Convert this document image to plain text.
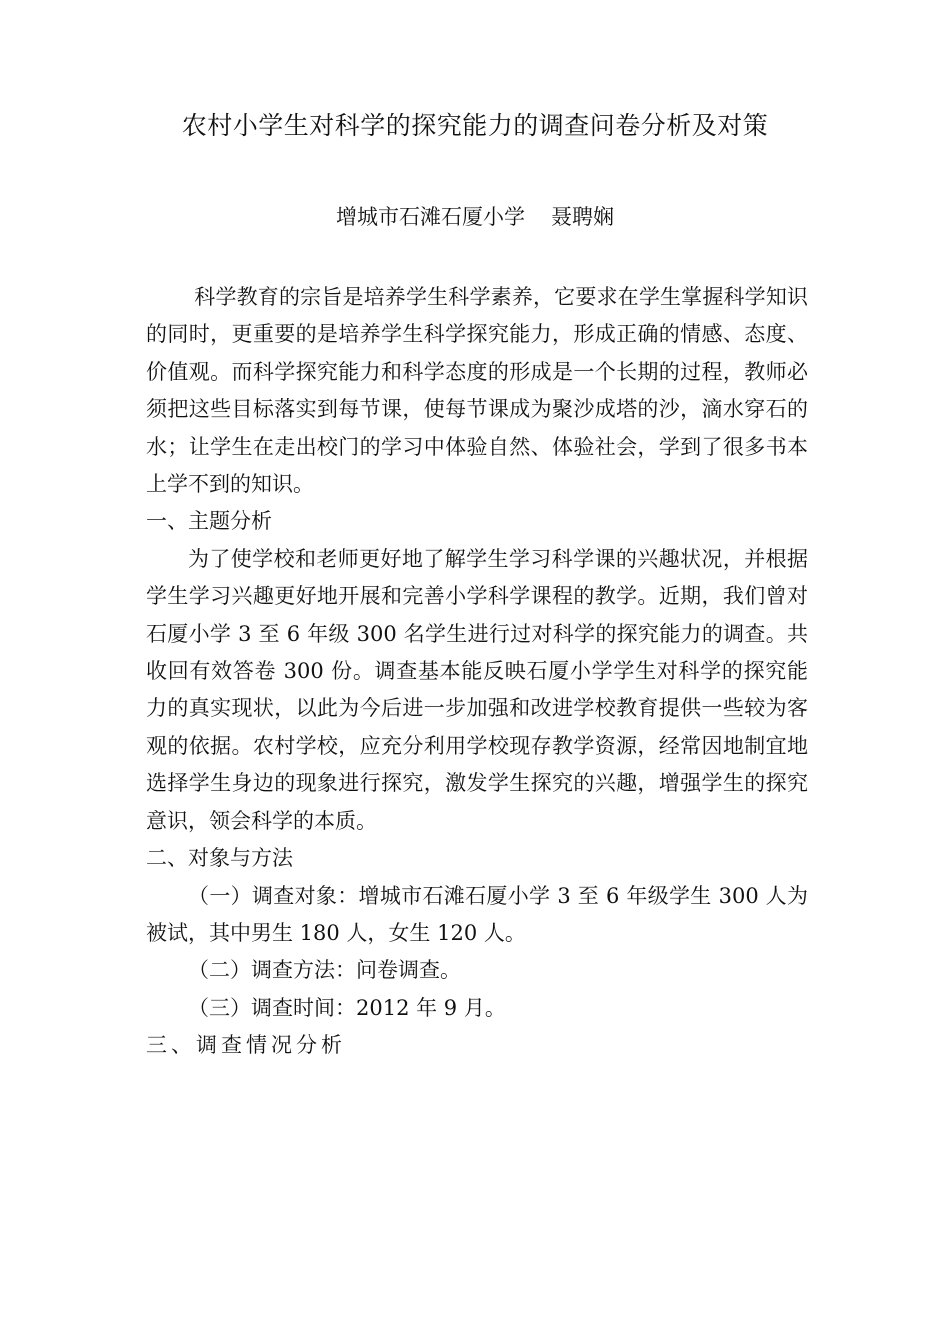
农村小学生对科学的探究能力的调查问卷分析及对策
增城市石滩石厦小学 聂聘娴

科学教育的宗旨是培养学生科学素养，它要求在学生掌握科学知识的同时，更重要的是培养学生科学探究能力，形成正确的情感、态度、价值观。而科学探究能力和科学态度的形成是一个长期的过程，教师必须把这些目标落实到每节课，使每节课成为聚沙成塔的沙，滴水穿石的水；让学生在走出校门的学习中体验自然、体验社会，学到了很多书本上学不到的知识。

一、主题分析

为了使学校和老师更好地了解学生学习科学课的兴趣状况，并根据学生学习兴趣更好地开展和完善小学科学课程的教学。近期，我们曾对石厦小学 3 至 6 年级 300 名学生进行过对科学的探究能力的调查。共收回有效答卷 300 份。调查基本能反映石厦小学学生对科学的探究能力的真实现状，以此为今后进一步加强和改进学校教育提供一些较为客观的依据。农村学校，应充分利用学校现存教学资源，经常因地制宜地选择学生身边的现象进行探究，激发学生探究的兴趣，增强学生的探究意识，领会科学的本质。

二、对象与方法

（一）调查对象：增城市石滩石厦小学 3 至 6 年级学生 300 人为被试，其中男生 180 人，女生 120 人。

（二）调查方法：问卷调查。

（三）调查时间：2012 年 9 月。

三、调查情况分析
